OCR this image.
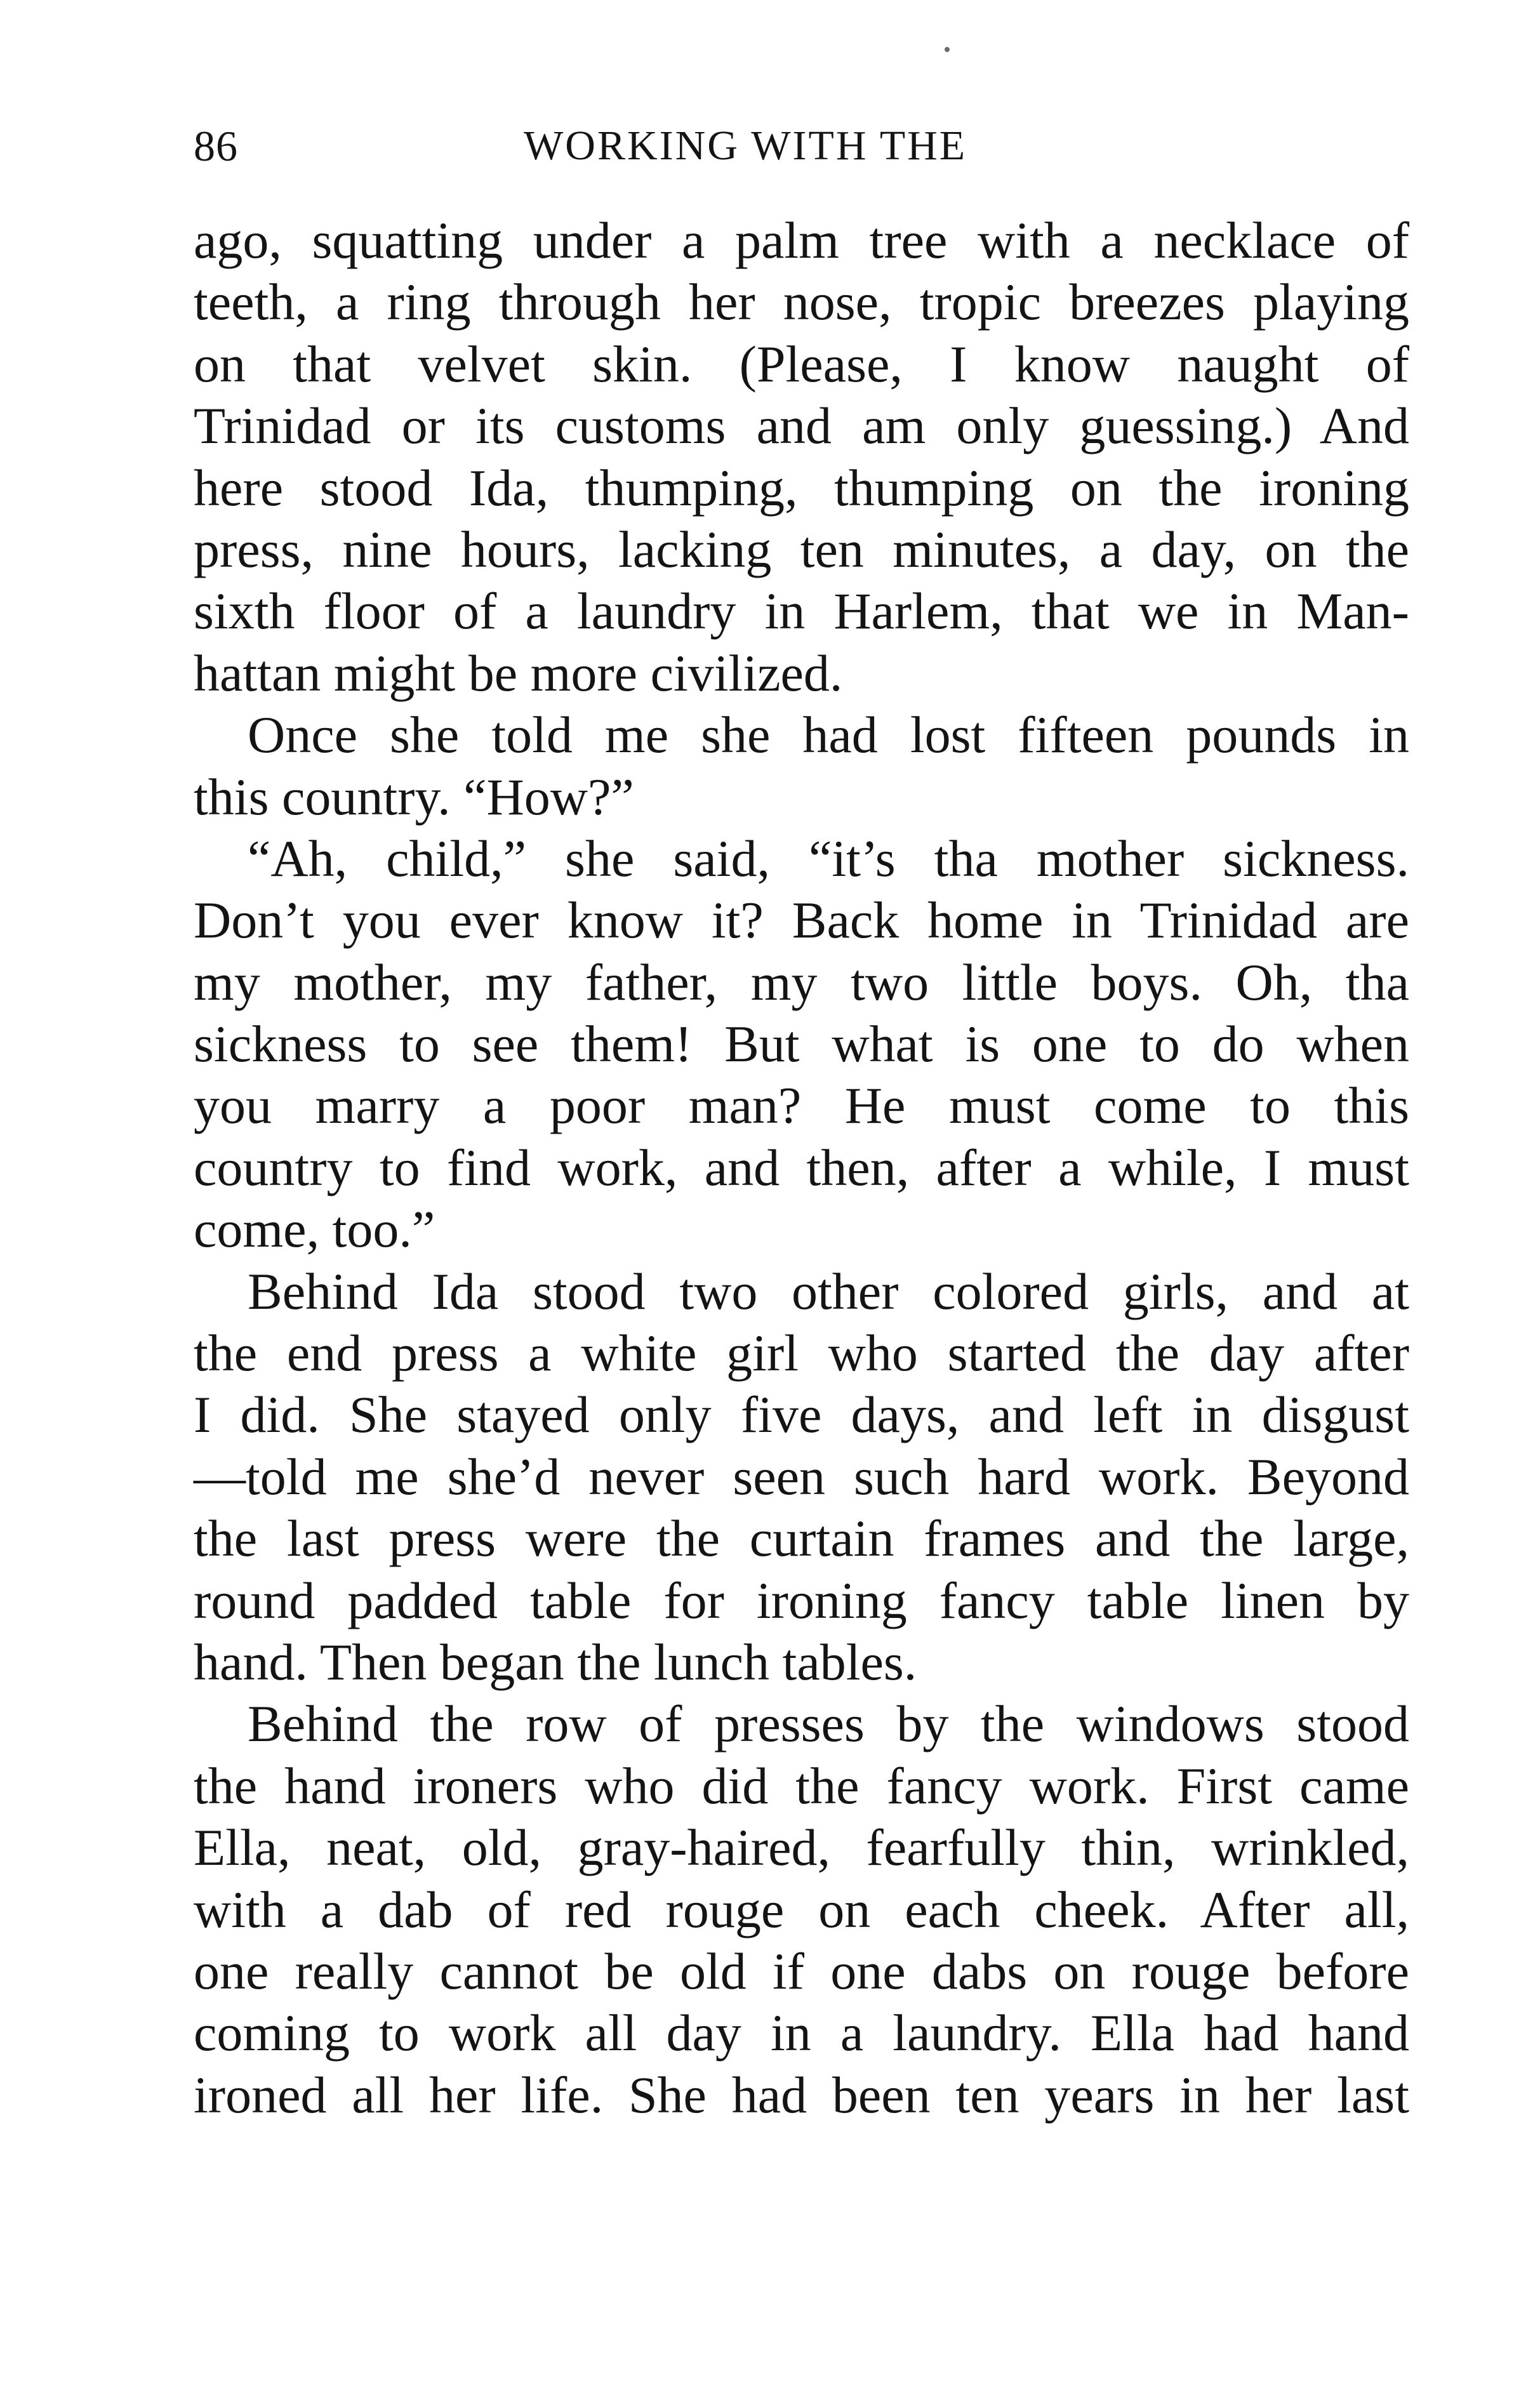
86	WORKING WITH THE
ago, squatting under a palm tree with a necklace of
teeth, a ring through her nose, tropic breezes playing
on that velvet skin. (Please, I know naught of
Trinidad or its customs and am only guessing.) And
here stood Ida, thumping, thumping on the ironing
press, nine hours, lacking ten minutes, a day, on the
sixth floor of a laundry in Harlem, that we in Man-
hattan might be more civilized.
Once she told me she had lost fifteen pounds in
this country. “How?”
“Ah, child,” she said, “it’s tha mother sickness.
Don’t you ever know it? Back home in Trinidad are
my mother, my father, my two little boys. Oh, tha
sickness to see them! But what is one to do when
you marry a poor man? He must come to this
country to find work, and then, after a while, I must
come, too.”
Behind Ida stood two other colored girls, and at
the end press a white girl who started the day after
I did. She stayed only five days, and left in disgust
—told me she’d never seen such hard work. Beyond
the last press were the curtain frames and the large,
round padded table for ironing fancy table linen by
hand. Then began the lunch tables.
Behind the row of presses by the windows stood
the hand ironers who did the fancy work. First came
Ella, neat, old, gray-haired, fearfully thin, wrinkled,
with a dab of red rouge on each cheek. After all,
one really cannot be old if one dabs on rouge before
coming to work all day in a laundry. Ella had hand
ironed all her life. She had been ten years in her last
